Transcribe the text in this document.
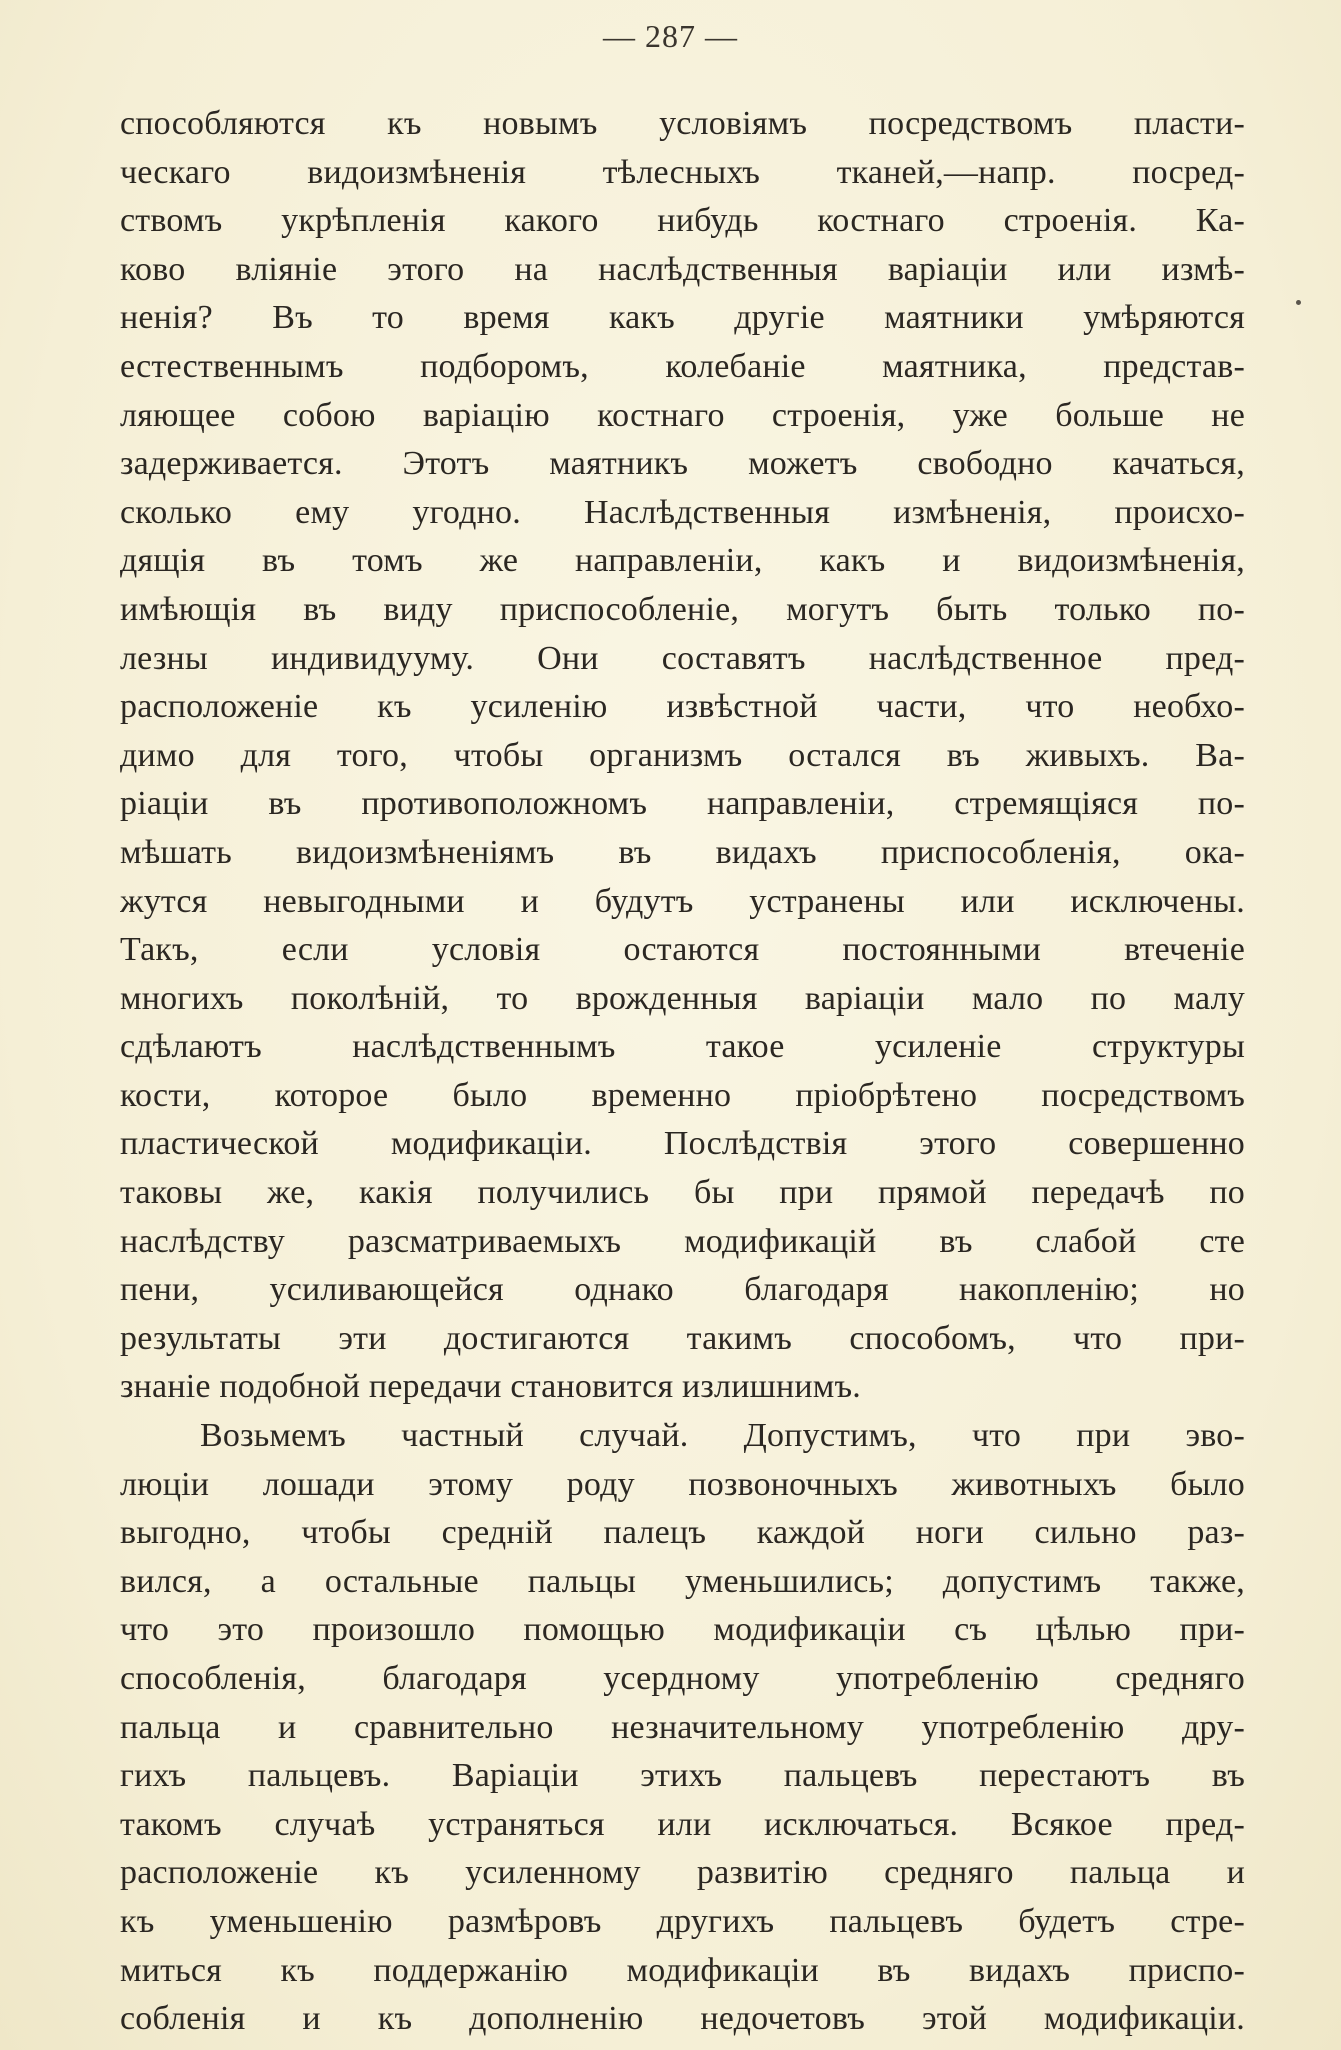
— 287 —
способляются къ новымъ условіямъ посредствомъ пласти-
ческаго видоизмѣненія тѣлесныхъ тканей,—напр. посред-
ствомъ укрѣпленія какого нибудь костнаго строенія. Ка-
ково вліяніе этого на наслѣдственныя варіаціи или измѣ-
ненія? Въ то время какъ другіе маятники умѣряются
естественнымъ подборомъ, колебаніе маятника, представ-
ляющее собою варіацію костнаго строенія, уже больше не
задерживается. Этотъ маятникъ можетъ свободно качаться,
сколько ему угодно. Наслѣдственныя измѣненія, происхо-
дящія въ томъ же направленіи, какъ и видоизмѣненія,
имѣющія въ виду приспособленіе, могутъ быть только по-
лезны индивидууму. Они составятъ наслѣдственное пред-
расположеніе къ усиленію извѣстной части, что необхо-
димо для того, чтобы организмъ остался въ живыхъ. Ва-
ріаціи въ противоположномъ направленіи, стремящіяся по-
мѣшать видоизмѣненіямъ въ видахъ приспособленія, ока-
жутся невыгодными и будутъ устранены или исключены.
Такъ, если условія остаются постоянными втеченіе
многихъ поколѣній, то врожденныя варіаціи мало по малу
сдѣлаютъ наслѣдственнымъ такое усиленіе структуры
кости, которое было временно пріобрѣтено посредствомъ
пластической модификаціи. Послѣдствія этого совершенно
таковы же, какія получились бы при прямой передачѣ по
наслѣдству разсматриваемыхъ модификацій въ слабой сте
пени, усиливающейся однако благодаря накопленію; но
результаты эти достигаются такимъ способомъ, что при-
знаніе подобной передачи становится излишнимъ.
Возьмемъ частный случай. Допустимъ, что при эво-
люціи лошади этому роду позвоночныхъ животныхъ было
выгодно, чтобы средній палецъ каждой ноги сильно раз-
вился, а остальные пальцы уменьшились; допустимъ также,
что это произошло помощью модификаціи съ цѣлью при-
способленія, благодаря усердному употребленію средняго
пальца и сравнительно незначительному употребленію дру-
гихъ пальцевъ. Варіаціи этихъ пальцевъ перестаютъ въ
такомъ случаѣ устраняться или исключаться. Всякое пред-
расположеніе къ усиленному развитію средняго пальца и
къ уменьшенію размѣровъ другихъ пальцевъ будетъ стре-
миться къ поддержанію модификаціи въ видахъ приспо-
собленія и къ дополненію недочетовъ этой модификаціи.
